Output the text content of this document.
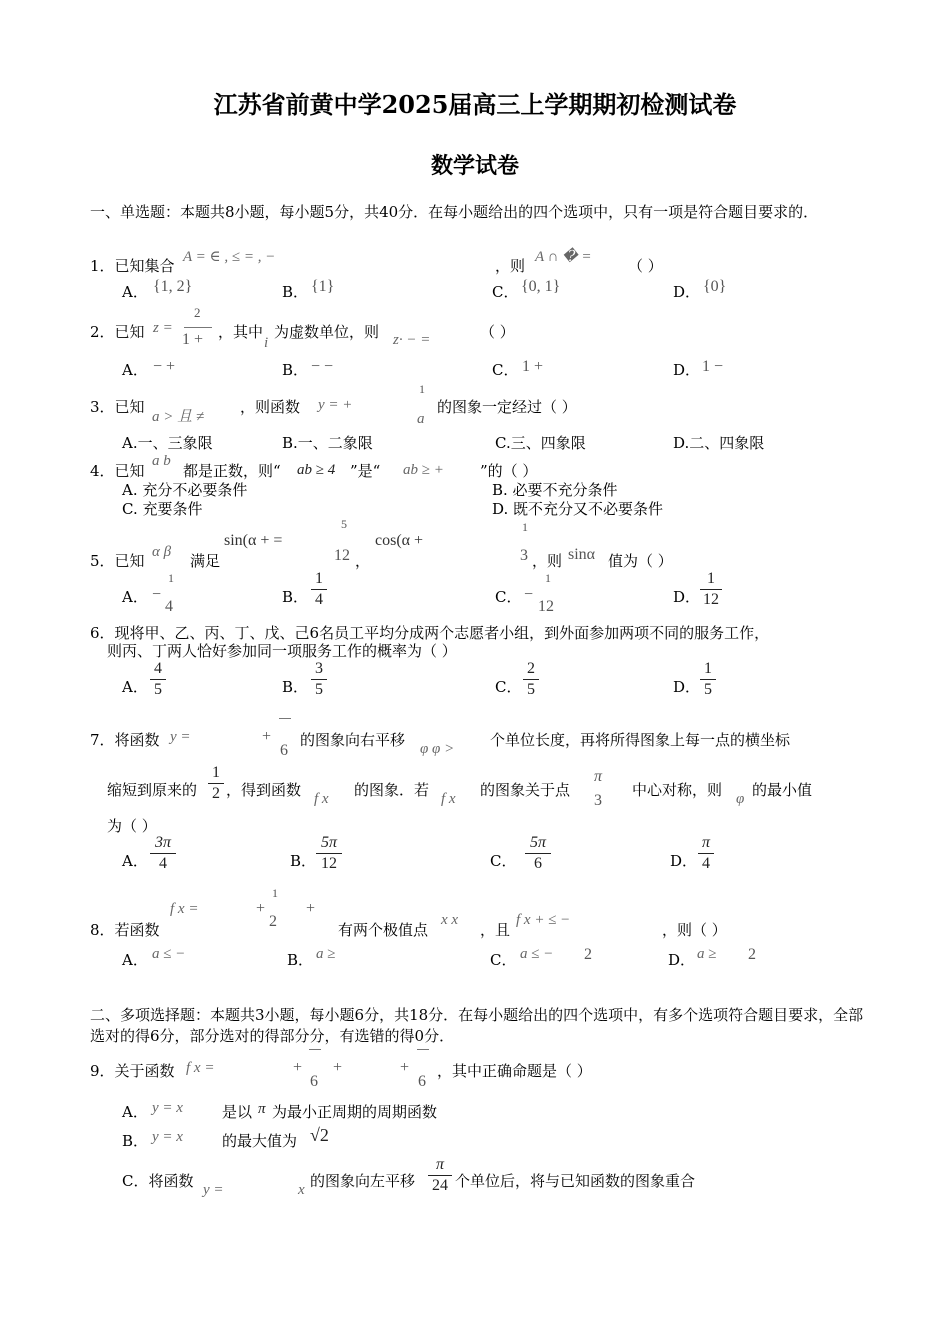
江苏省前黄中学2025届高三上学期期初检测试卷
数学试卷
一、单选题：本题共8小题，每小题5分，共40分．在每小题给出的四个选项中，只有一项是符合题目要求的．
1．已知集合 A = ∈ , ≤ = , −	，则 A ∩ � = （ ）
A． {1, 2}	B． {1}	C． {0, 1}	D． {0}
2．已知 z =
2
1 + ，其中
i
为虚数单位，则 z· − =	（ ）
A． − +	B． − −	C． 1 +	D． 1 −
3．已知
a > 且 ≠
，则函数 y = +
1
a
的图象一定经过（ ）
A.一、三象限	B.一、二象限	C.三、四象限	D.二、四象限
4．已知
a b
都是正数，则“ ab ≥ 4 ”是“ ab ≥ + ”的（ ）
A. 充分不必要条件	B. 必要不充分条件
C. 充要条件	D. 既不充分又不必要条件
5．已知 α β 满足
sin(α + =
5
12 ，
cos(α +
1
3 ，则 sinα 值为（ ）
A． −
1
4
B．
1
4	C． −
1
12
D．
1
12
6．现将甲、乙、丙、丁、戊、己6名员工平均分成两个志愿者小组，到外面参加两项不同的服务工作，
则丙、丁两人恰好参加同一项服务工作的概率为（ ）
A．
4
5	B．
3
5	C．
2
5	D．
1
5
7．将函数 y =	+
6
的图象向右平移 φ φ > 个单位长度，再将所得图象上每一点的横坐标
缩短到原来的
1
2 ，得到函数 f x 的图象．若 f x 的图象关于点
π
3
中心对称，则 φ 的最小值
为（ ）
A．
3π
4	B．
5π
12	C．
5π
6	D．
π
4
8．若函数
f x =	+
1
2
+
有两个极值点
x x
，且
f x + ≤ −
，则（ ）
A． a ≤ −	B． a ≥	C． a ≤ − 2	D． a ≥ 2
二、多项选择题：本题共3小题，每小题6分，共18分．在每小题给出的四个选项中，有多个选项符合题目要求，全部选对的得6分，部分选对的得部分分，有选错的得0分．
9．关于函数 f x =	+
6
+	+
6
，其中正确命题是（ ）
A． y = x	是以 π 为最小正周期的周期函数
B． y = x	的最大值为 √2
C．将函数 y =	x 的图象向左平移
π
24 个单位后，将与已知函数的图象重合
